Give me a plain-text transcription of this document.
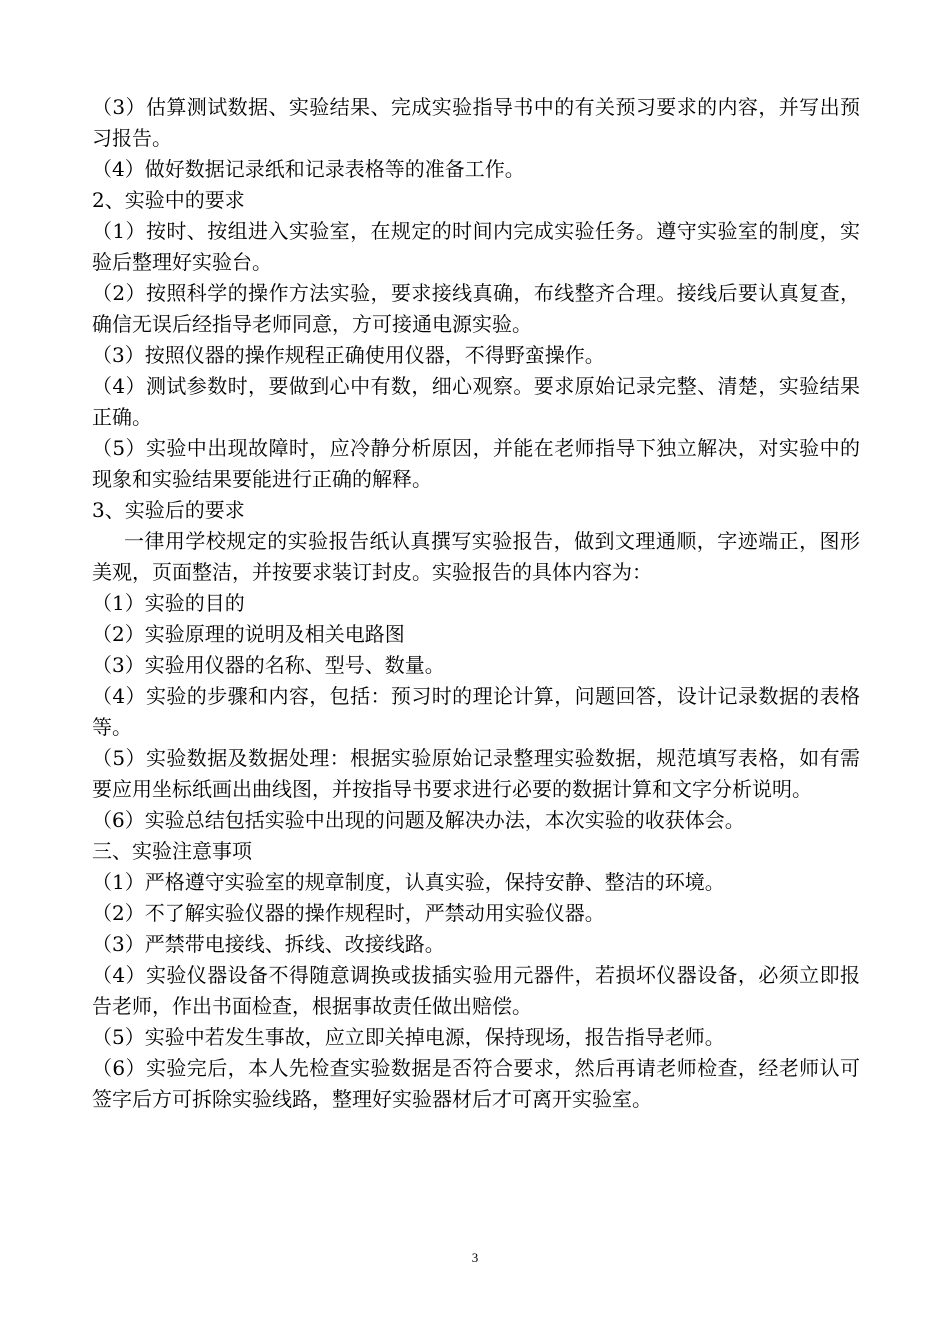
（3）估算测试数据、实验结果、完成实验指导书中的有关预习要求的内容，并写出预习报告。

（4）做好数据记录纸和记录表格等的准备工作。

2、实验中的要求

（1）按时、按组进入实验室，在规定的时间内完成实验任务。遵守实验室的制度，实验后整理好实验台。

（2）按照科学的操作方法实验，要求接线真确，布线整齐合理。接线后要认真复查，确信无误后经指导老师同意，方可接通电源实验。

（3）按照仪器的操作规程正确使用仪器，不得野蛮操作。

（4）测试参数时，要做到心中有数，细心观察。要求原始记录完整、清楚，实验结果正确。

（5）实验中出现故障时，应冷静分析原因，并能在老师指导下独立解决，对实验中的现象和实验结果要能进行正确的解释。

3、实验后的要求

一律用学校规定的实验报告纸认真撰写实验报告，做到文理通顺，字迹端正，图形美观，页面整洁，并按要求装订封皮。实验报告的具体内容为：

（1）实验的目的

（2）实验原理的说明及相关电路图

（3）实验用仪器的名称、型号、数量。

（4）实验的步骤和内容，包括：预习时的理论计算，问题回答，设计记录数据的表格等。

（5）实验数据及数据处理：根据实验原始记录整理实验数据，规范填写表格，如有需要应用坐标纸画出曲线图，并按指导书要求进行必要的数据计算和文字分析说明。

（6）实验总结包括实验中出现的问题及解决办法，本次实验的收获体会。

三、实验注意事项

（1）严格遵守实验室的规章制度，认真实验，保持安静、整洁的环境。

（2）不了解实验仪器的操作规程时，严禁动用实验仪器。

（3）严禁带电接线、拆线、改接线路。

（4）实验仪器设备不得随意调换或拔插实验用元器件，若损坏仪器设备，必须立即报告老师，作出书面检查，根据事故责任做出赔偿。

（5）实验中若发生事故，应立即关掉电源，保持现场，报告指导老师。

（6）实验完后，本人先检查实验数据是否符合要求，然后再请老师检查，经老师认可签字后方可拆除实验线路，整理好实验器材后才可离开实验室。

3
